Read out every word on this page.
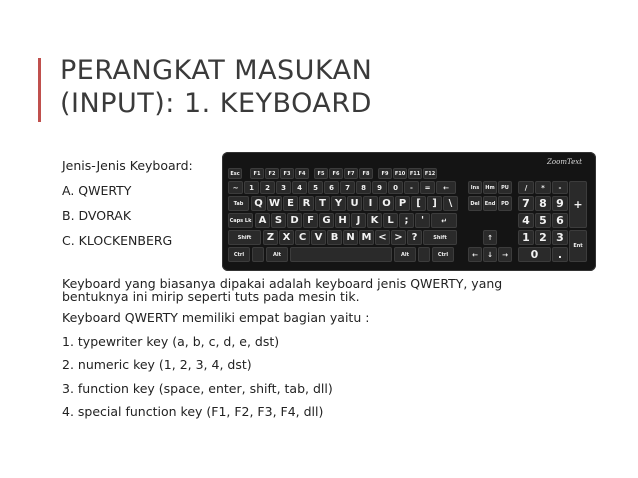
PERANGKAT MASUKAN
(INPUT): 1. KEYBOARD
Jenis-Jenis Keyboard:
A. QWERTY
B. DVORAK
C. KLOCKENBERG
ZoomText
Esc	F1	F2	F3	F4	F5	F6	F7	F8	F9	F10 F11 F12
~	1	2	3	4	5	6	7	8	9	0	-	=	←
Tab	Q W E R T Y U	I O P	[	]	\
Caps Lk A S D F G H J	K L	;	'	↵
Shift	Z X C V B N M < > ?	Shift
Ctrl	Alt	Alt	Ctrl
Ins
Del
Hm
End
PU
PD
↑
←	↓	→
7 8 9
4 5 6
1 2 3
0	.
/	*	-
+
Ent
Keyboard yang biasanya dipakai adalah keyboard jenis QWERTY, yang bentuknya ini mirip seperti tuts pada mesin tik.
Keyboard QWERTY memiliki empat bagian yaitu :
1. typewriter key (a, b, c, d, e, dst)
2. numeric key (1, 2, 3, 4, dst)
3. function key (space, enter, shift, tab, dll)
4. special function key (F1, F2, F3, F4, dll)
